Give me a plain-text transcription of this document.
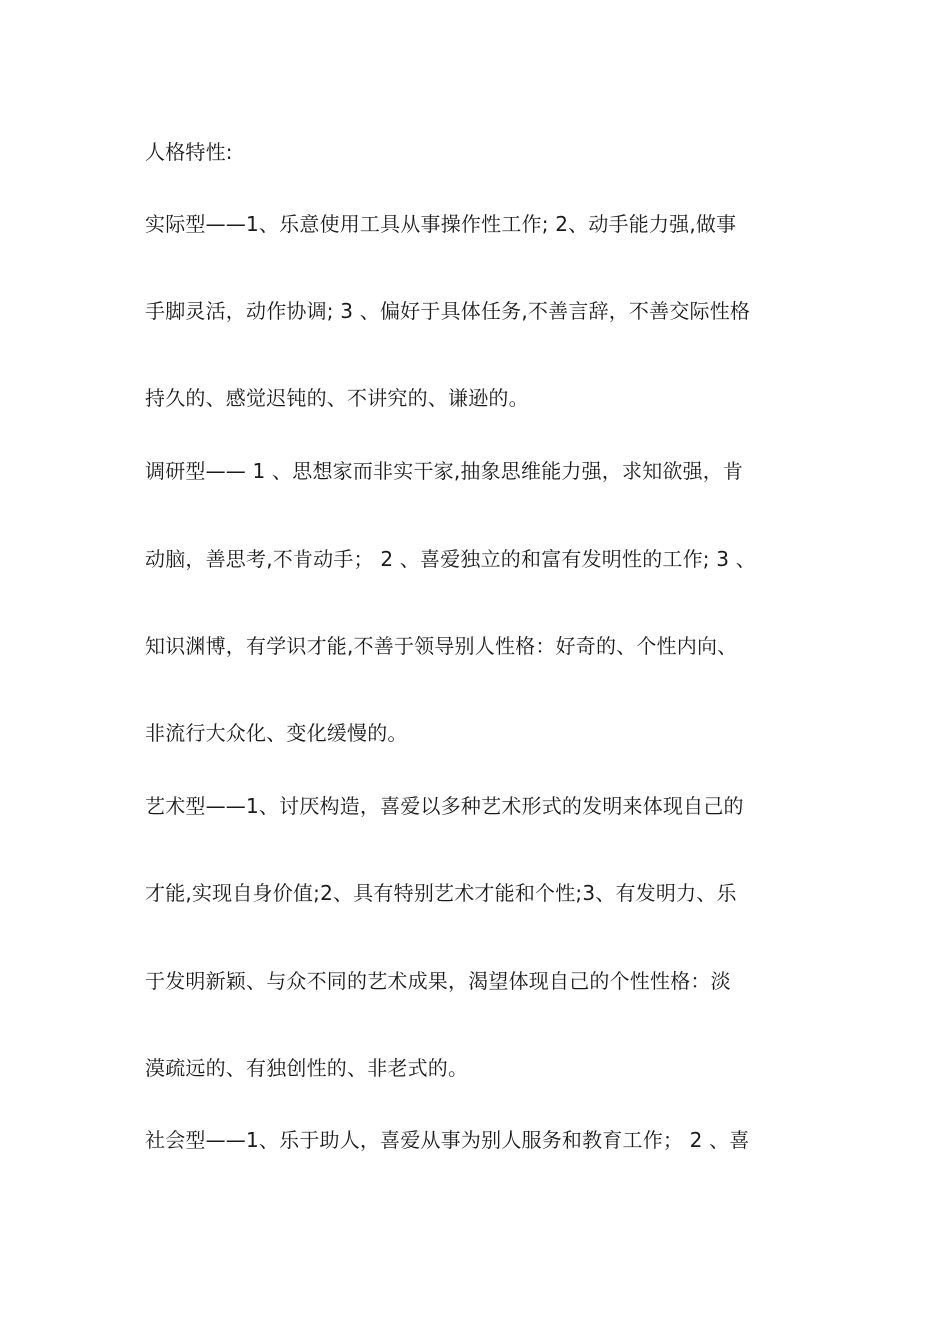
人格特性:
实际型——1、乐意使用工具从事操作性工作; 2、动手能力强,做事
手脚灵活，动作协调; 3 、偏好于具体任务,不善言辞，不善交际性格
持久的、感觉迟钝的、不讲究的、谦逊的。
调研型—— 1 、思想家而非实干家,抽象思维能力强，求知欲强，肯
动脑，善思考,不肯动手； 2 、喜爱独立的和富有发明性的工作; 3 、
知识渊博，有学识才能,不善于领导别人性格：好奇的、个性内向、
非流行大众化、变化缓慢的。
艺术型——1、讨厌构造，喜爱以多种艺术形式的发明来体现自己的
才能,实现自身价值;2、具有特别艺术才能和个性;3、有发明力、乐
于发明新颖、与众不同的艺术成果，渴望体现自己的个性性格：淡
漠疏远的、有独创性的、非老式的。
社会型——1、乐于助人，喜爱从事为别人服务和教育工作； 2 、喜
